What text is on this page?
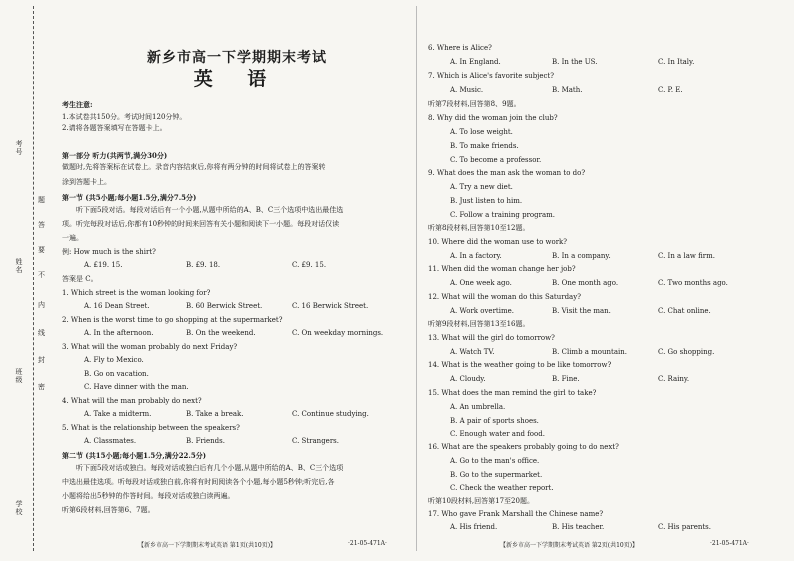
考号
姓名
班级
学校
题
答
要
不
内
线
封
密
新乡市高一下学期期末考试
英 语
考生注意:
1.本试卷共150分。考试时间120分钟。
2.请将各题答案填写在答题卡上。
第一部分 听力(共两节,满分30分)
做题时,先将答案标在试卷上。录音内容结束后,你将有两分钟的时间将试卷上的答案转
涂到答题卡上。
第一节 (共5小题;每小题1.5分,满分7.5分)
听下面5段对话。每段对话后有一个小题,从题中所给的A、B、C三个选项中选出最佳选
项。听完每段对话后,你都有10秒钟的时间来回答有关小题和阅读下一小题。每段对话仅读
一遍。
例: How much is the shirt?
A. £19. 15.	B. £9. 18.	C. £9. 15.
答案是 C。
1. Which street is the woman looking for?
A. 16 Dean Street.	B. 60 Berwick Street.	C. 16 Berwick Street.
2. When is the worst time to go shopping at the supermarket?
A. In the afternoon.	B. On the weekend.	C. On weekday mornings.
3. What will the woman probably do next Friday?
A. Fly to Mexico.
B. Go on vacation.
C. Have dinner with the man.
4. What will the man probably do next?
A. Take a midterm.	B. Take a break.	C. Continue studying.
5. What is the relationship between the speakers?
A. Classmates.	B. Friends.	C. Strangers.
第二节 (共15小题;每小题1.5分,满分22.5分)
听下面5段对话或独白。每段对话或独白后有几个小题,从题中所给的A、B、C三个选项
中选出最佳选项。听每段对话或独白前,你将有时间阅读各个小题,每小题5秒钟;听完后,各
小题将给出5秒钟的作答时间。每段对话或独白读两遍。
听第6段材料,回答第6、7题。
【新乡市高一下学期期末考试英语 第1页(共10页)】	·21-05-471A·
6. Where is Alice?
A. In England.	B. In the US.	C. In Italy.
7. Which is Alice's favorite subject?
A. Music.	B. Math.	C. P. E.
听第7段材料,回答第8、9题。
8. Why did the woman join the club?
A. To lose weight.
B. To make friends.
C. To become a professor.
9. What does the man ask the woman to do?
A. Try a new diet.
B. Just listen to him.
C. Follow a training program.
听第8段材料,回答第10至12题。
10. Where did the woman use to work?
A. In a factory.	B. In a company.	C. In a law firm.
11. When did the woman change her job?
A. One week ago.	B. One month ago.	C. Two months ago.
12. What will the woman do this Saturday?
A. Work overtime.	B. Visit the man.	C. Chat online.
听第9段材料,回答第13至16题。
13. What will the girl do tomorrow?
A. Watch TV.	B. Climb a mountain.	C. Go shopping.
14. What is the weather going to be like tomorrow?
A. Cloudy.	B. Fine.	C. Rainy.
15. What does the man remind the girl to take?
A. An umbrella.
B. A pair of sports shoes.
C. Enough water and food.
16. What are the speakers probably going to do next?
A. Go to the man's office.
B. Go to the supermarket.
C. Check the weather report.
听第10段材料,回答第17至20题。
17. Who gave Frank Marshall the Chinese name?
A. His friend.	B. His teacher.	C. His parents.
【新乡市高一下学期期末考试英语 第2页(共10页)】	·21-05-471A·
